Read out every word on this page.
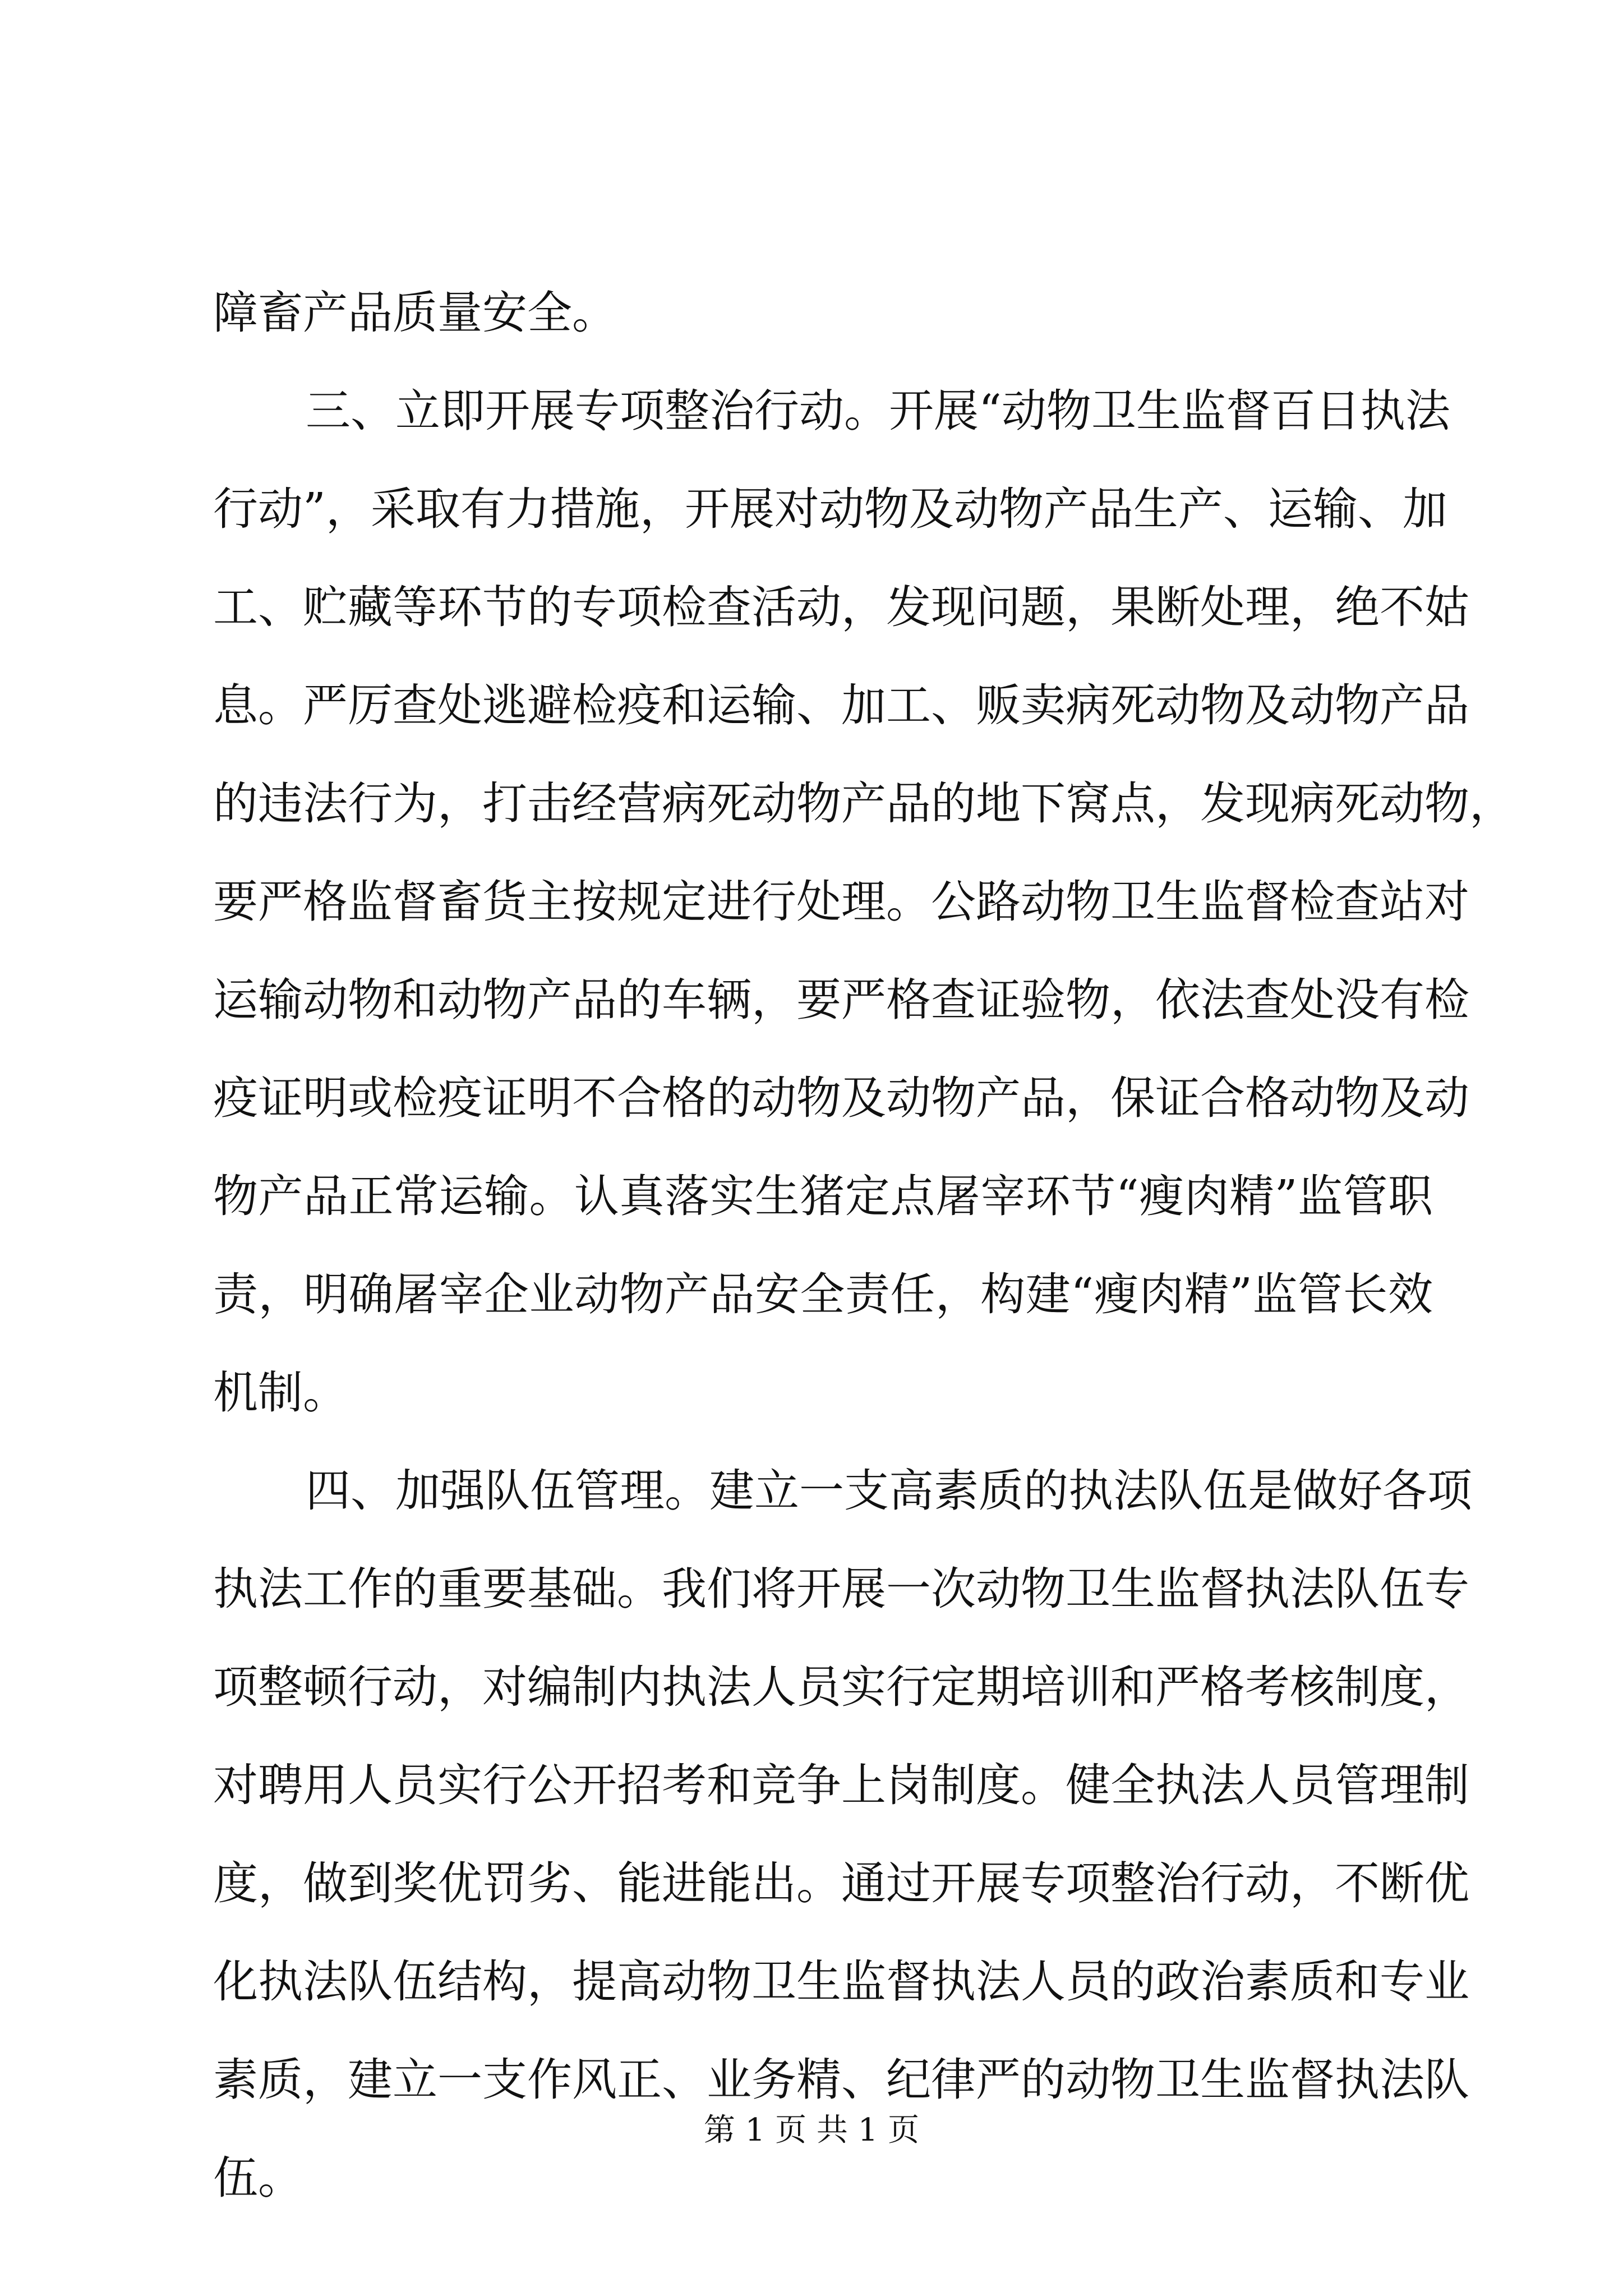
障畜产品质量安全。
三、立即开展专项整治行动。开展“动物卫生监督百日执法
行动”，采取有力措施，开展对动物及动物产品生产、运输、加
工、贮藏等环节的专项检查活动，发现问题，果断处理，绝不姑
息。严厉查处逃避检疫和运输、加工、贩卖病死动物及动物产品
的违法行为，打击经营病死动物产品的地下窝点，发现病死动物，
要严格监督畜货主按规定进行处理。公路动物卫生监督检查站对
运输动物和动物产品的车辆，要严格查证验物，依法查处没有检
疫证明或检疫证明不合格的动物及动物产品，保证合格动物及动
物产品正常运输。认真落实生猪定点屠宰环节“瘦肉精”监管职
责，明确屠宰企业动物产品安全责任，构建“瘦肉精”监管长效
机制。
四、加强队伍管理。建立一支高素质的执法队伍是做好各项
执法工作的重要基础。我们将开展一次动物卫生监督执法队伍专
项整顿行动，对编制内执法人员实行定期培训和严格考核制度，
对聘用人员实行公开招考和竞争上岗制度。健全执法人员管理制
度，做到奖优罚劣、能进能出。通过开展专项整治行动，不断优
化执法队伍结构，提高动物卫生监督执法人员的政治素质和专业
素质，建立一支作风正、业务精、纪律严的动物卫生监督执法队
伍。
第 1 页 共 1 页
